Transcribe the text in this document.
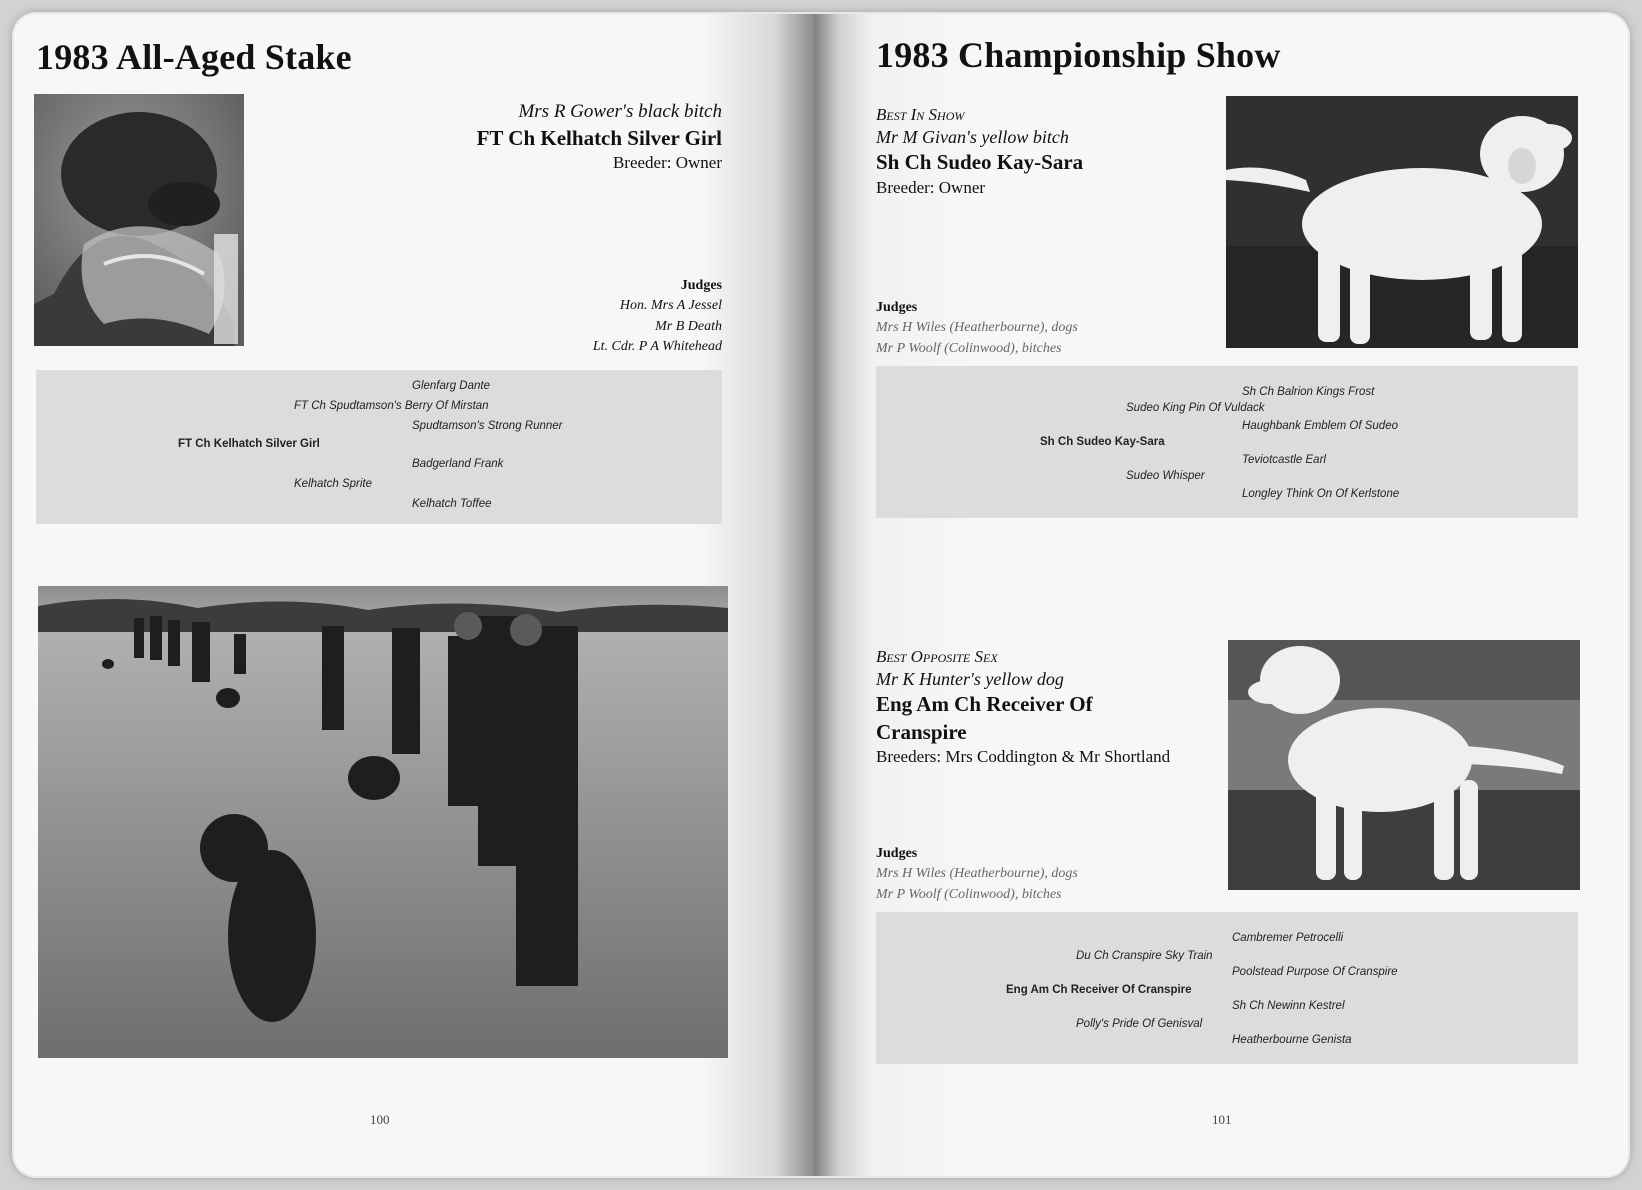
1983 All-Aged Stake
Mrs R Gower's black bitch
FT Ch Kelhatch Silver Girl
Breeder: Owner
Judges
Hon. Mrs A Jessel
Mr B Death
Lt. Cdr. P A Whitehead
FT Ch Kelhatch Silver Girl
FT Ch Spudtamson's Berry Of Mirstan
Kelhatch Sprite
Glenfarg Dante
Spudtamson's Strong Runner
Badgerland Frank
Kelhatch Toffee
100
1983 Championship Show
Best In Show
Mr M Givan's yellow bitch
Sh Ch Sudeo Kay-Sara
Breeder: Owner
Judges
Mrs H Wiles (Heatherbourne), dogs
Mr P Woolf (Colinwood), bitches
Sh Ch Sudeo Kay-Sara
Sudeo King Pin Of Vuldack
Sudeo Whisper
Sh Ch Balrion Kings Frost
Haughbank Emblem Of Sudeo
Teviotcastle Earl
Longley Think On Of Kerlstone
Best Opposite Sex
Mr K Hunter's yellow dog
Eng Am Ch Receiver Of
Cranspire
Breeders: Mrs Coddington & Mr Shortland
Judges
Mrs H Wiles (Heatherbourne), dogs
Mr P Woolf (Colinwood), bitches
Eng Am Ch Receiver Of Cranspire
Du Ch Cranspire Sky Train
Polly's Pride Of Genisval
Cambremer Petrocelli
Poolstead Purpose Of Cranspire
Sh Ch Newinn Kestrel
Heatherbourne Genista
101
